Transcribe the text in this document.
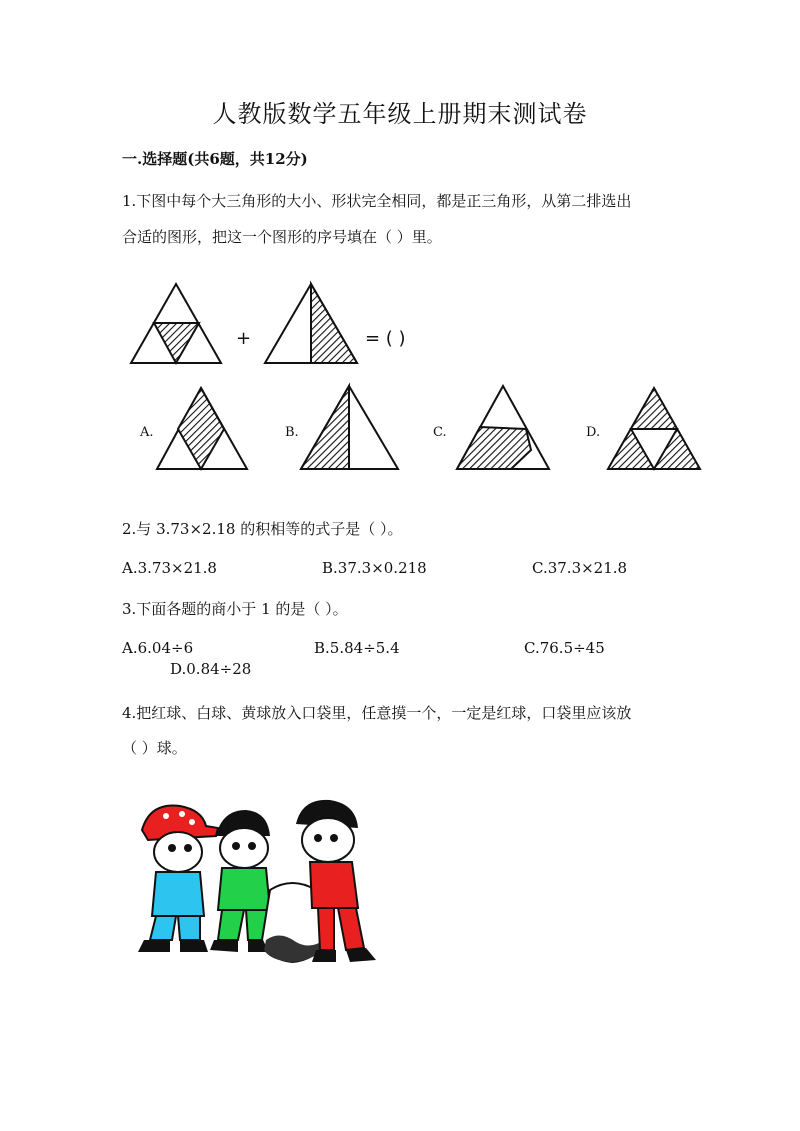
人教版数学五年级上册期末测试卷
一.选择题(共6题，共12分)
1.下图中每个大三角形的大小、形状完全相同，都是正三角形，从第二排选出
合适的图形，把这一个图形的序号填在（ ）里。
+	= ( )
A.	B.	C.	D.
2.与 3.73×2.18 的积相等的式子是（ ）。
A.3.73×21.8	B.37.3×0.218	C.37.3×21.8
3.下面各题的商小于 1 的是（ ）。
A.6.04÷6	B.5.84÷5.4	C.76.5÷45
D.0.84÷28
4.把红球、白球、黄球放入口袋里，任意摸一个，一定是红球，口袋里应该放
（ ）球。
